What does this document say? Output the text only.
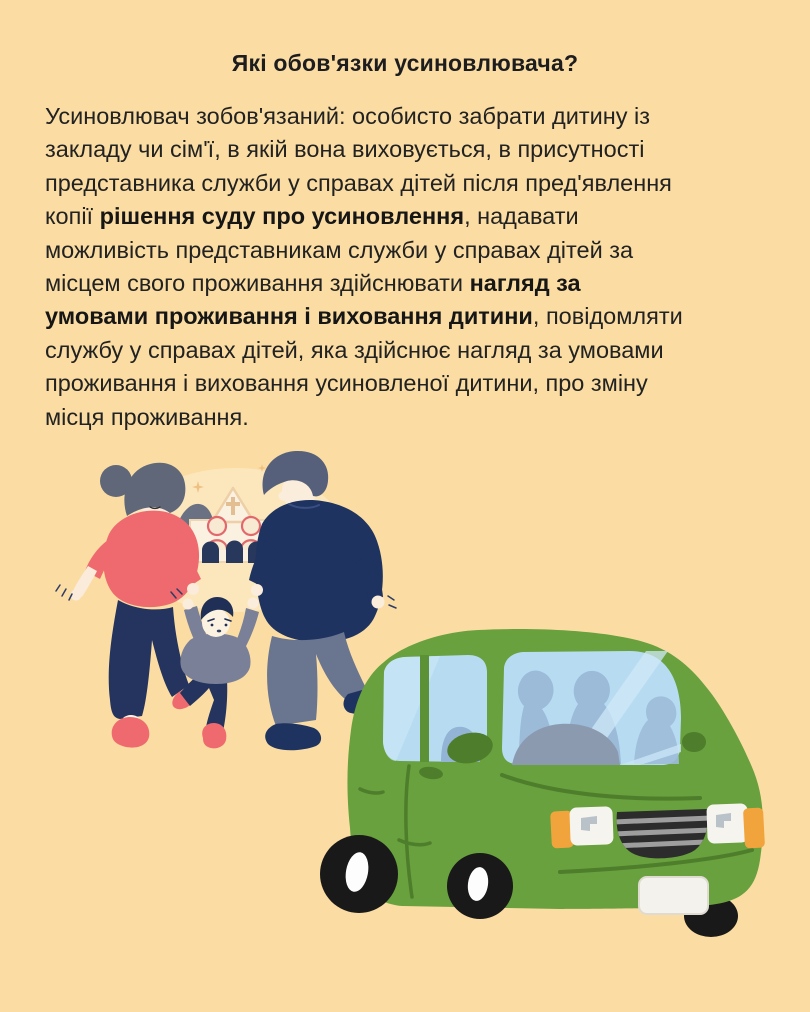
Які обов'язки усиновлювача?
Усиновлювач зобов'язаний: особисто забрати дитину із
закладу чи сім'ї, в якій вона виховується, в присутності
представника служби у справах дітей після пред'явлення
копії рішення суду про усиновлення, надавати
можливість представникам служби у справах дітей за
місцем свого проживання здійснювати нагляд за
умовами проживання і виховання дитини, повідомляти
службу у справах дітей, яка здійснює нагляд за умовами
проживання і виховання усиновленої дитини, про зміну
місця проживання.
